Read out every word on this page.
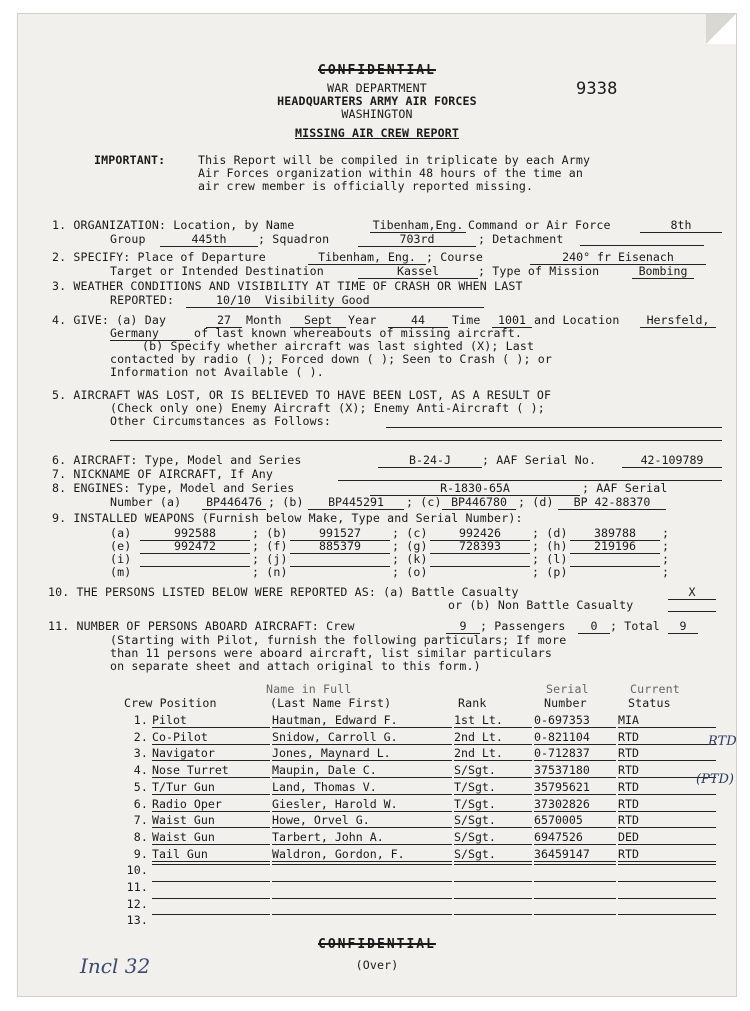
CONFIDENTIAL
9338
WAR DEPARTMENT
HEADQUARTERS ARMY AIR FORCES
WASHINGTON
MISSING AIR CREW REPORT
IMPORTANT:	This Report will be compiled in triplicate by each Army
Air Forces organization within 48 hours of the time an
air crew member is officially reported missing.
1. ORGANIZATION: Location, by Name	Tibenham,Eng. Command or Air Force	8th
Group	445th	; Squadron	703rd	; Detachment
2. SPECIFY: Place of Departure	Tibenham, Eng. ; Course	240° fr Eisenach
Target or Intended Destination	Kassel	; Type of Mission	Bombing
3. WEATHER CONDITIONS AND VISIBILITY AT TIME OF CRASH OR WHEN LAST
REPORTED:	10/10  Visibility Good
4. GIVE: (a) Day	27	Month	Sept	Year	44	Time	1001 and Location	Hersfeld,
Germany	of last known whereabouts of missing aircraft.
(b) Specify whether aircraft was last sighted (X); Last
contacted by radio ( ); Forced down ( ); Seen to Crash ( ); or
Information not Available ( ).
5. AIRCRAFT WAS LOST, OR IS BELIEVED TO HAVE BEEN LOST, AS A RESULT OF
(Check only one) Enemy Aircraft (X); Enemy Anti-Aircraft ( );
Other Circumstances as Follows:
6. AIRCRAFT: Type, Model and Series	B-24-J	; AAF Serial No.	42-109789
7. NICKNAME OF AIRCRAFT, If Any
8. ENGINES: Type, Model and Series	R-1830-65A	; AAF Serial
Number (a)	BP446476 ; (b)	BP445291	; (c) BP446780 ; (d)	BP 42-88370
9. INSTALLED WEAPONS (Furnish below Make, Type and Serial Number):
(a)	992588	; (b)	991527	; (c)	992426	; (d)	389788	;
(e)	992472	; (f)	885379	; (g)	728393	; (h)	219196	;
(i)	; (j)	; (k)	; (l)	;
(m)	; (n)	; (o)	; (p)	;
10. THE PERSONS LISTED BELOW WERE REPORTED AS: (a) Battle Casualty	X
or (b) Non Battle Casualty
11. NUMBER OF PERSONS ABOARD AIRCRAFT: Crew	9	; Passengers	0	; Total	9
(Starting with Pilot, furnish the following particulars; If more
than 11 persons were aboard aircraft, list similar particulars
on separate sheet and attach original to this form.)
Name in Full	Serial	Current
Crew Position	(Last Name First)	Rank	Number	Status
1. Pilot	Hautman, Edward F.	1st Lt.	0-697353	MIA
2. Co-Pilot	Snidow, Carroll G.	2nd Lt.	0-821104	RTD
3. Navigator	Jones, Maynard L.	2nd Lt.	0-712837	RTD
4. Nose Turret	Maupin, Dale C.	S/Sgt.	37537180	RTD
5. T/Tur Gun	Land, Thomas V.	T/Sgt.	35795621	RTD
6. Radio Oper	Giesler, Harold W.	T/Sgt.	37302826	RTD
7. Waist Gun	Howe, Orvel G.	S/Sgt.	6570005	RTD
8. Waist Gun	Tarbert, John A.	S/Sgt.	6947526	DED
9. Tail Gun	Waldron, Gordon, F.	S/Sgt.	36459147	RTD
10.
11.
12.
13.
RTD
(PTD)
CONFIDENTIAL
(Over)
Incl 32
